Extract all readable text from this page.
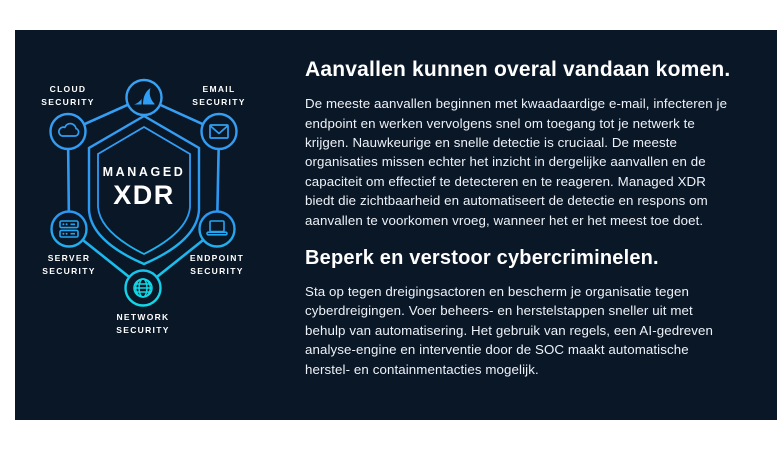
CLOUD SECURITY
EMAIL SECURITY
SERVER SECURITY
ENDPOINT SECURITY
NETWORK SECURITY
MANAGED
XDR
Aanvallen kunnen overal vandaan komen.

De meeste aanvallen beginnen met kwaadaardige e-mail, infecteren je endpoint en werken vervolgens snel om toegang tot je netwerk te krijgen. Nauwkeurige en snelle detectie is cruciaal. De meeste organisaties missen echter het inzicht in dergelijke aanvallen en de capaciteit om effectief te detecteren en te reageren. Managed XDR biedt die zichtbaarheid en automatiseert de detectie en respons om aanvallen te voorkomen vroeg, wanneer het er het meest toe doet.

Beperk en verstoor cybercriminelen.

Sta op tegen dreigingsactoren en bescherm je organisatie tegen cyberdreigingen. Voer beheers- en herstelstappen sneller uit met behulp van automatisering. Het gebruik van regels, een AI-gedreven analyse-engine en interventie door de SOC maakt automatische herstel- en containmentacties mogelijk.
